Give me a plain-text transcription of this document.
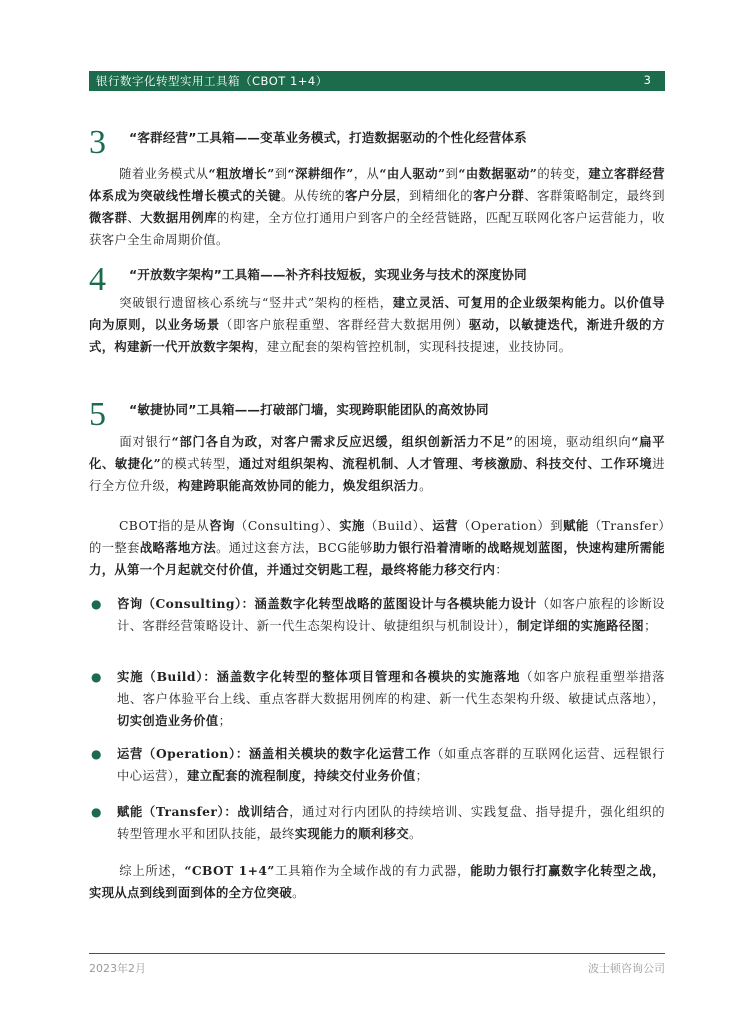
银行数字化转型实用工具箱（CBOT 1+4）	3
3 “客群经营”工具箱——变革业务模式，打造数据驱动的个性化经营体系

随着业务模式从“粗放增长”到“深耕细作”，从“由人驱动”到“由数据驱动”的转变，建立客群经营体系成为突破线性增长模式的关键。从传统的客户分层，到精细化的客户分群、客群策略制定，最终到微客群、大数据用例库的构建，全方位打通用户到客户的全经营链路，匹配互联网化客户运营能力，收获客户全生命周期价值。

4 “开放数字架构”工具箱——补齐科技短板，实现业务与技术的深度协同

突破银行遗留核心系统与“竖井式”架构的桎梏，建立灵活、可复用的企业级架构能力。以价值导向为原则，以业务场景（即客户旅程重塑、客群经营大数据用例）驱动，以敏捷迭代，渐进升级的方式，构建新一代开放数字架构，建立配套的架构管控机制，实现科技提速，业技协同。

5 “敏捷协同”工具箱——打破部门墙，实现跨职能团队的高效协同

面对银行“部门各自为政，对客户需求反应迟缓，组织创新活力不足”的困境，驱动组织向“扁平化、敏捷化”的模式转型，通过对组织架构、流程机制、人才管理、考核激励、科技交付、工作环境进行全方位升级，构建跨职能高效协同的能力，焕发组织活力。

CBOT指的是从咨询（Consulting）、实施（Build）、运营（Operation）到赋能（Transfer）的一整套战略落地方法。通过这套方法，BCG能够助力银行沿着清晰的战略规划蓝图，快速构建所需能力，从第一个月起就交付价值，并通过交钥匙工程，最终将能力移交行内：

● 咨询（Consulting）：涵盖数字化转型战略的蓝图设计与各模块能力设计（如客户旅程的诊断设计、客群经营策略设计、新一代生态架构设计、敏捷组织与机制设计），制定详细的实施路径图；

● 实施（Build）：涵盖数字化转型的整体项目管理和各模块的实施落地（如客户旅程重塑举措落地、客户体验平台上线、重点客群大数据用例库的构建、新一代生态架构升级、敏捷试点落地），切实创造业务价值；

● 运营（Operation）：涵盖相关模块的数字化运营工作（如重点客群的互联网化运营、远程银行中心运营），建立配套的流程制度，持续交付业务价值；

● 赋能（Transfer）：战训结合，通过对行内团队的持续培训、实践复盘、指导提升，强化组织的转型管理水平和团队技能，最终实现能力的顺利移交。

综上所述，“CBOT 1+4”工具箱作为全域作战的有力武器，能助力银行打赢数字化转型之战，实现从点到线到面到体的全方位突破。

2023年2月	波士顿咨询公司
